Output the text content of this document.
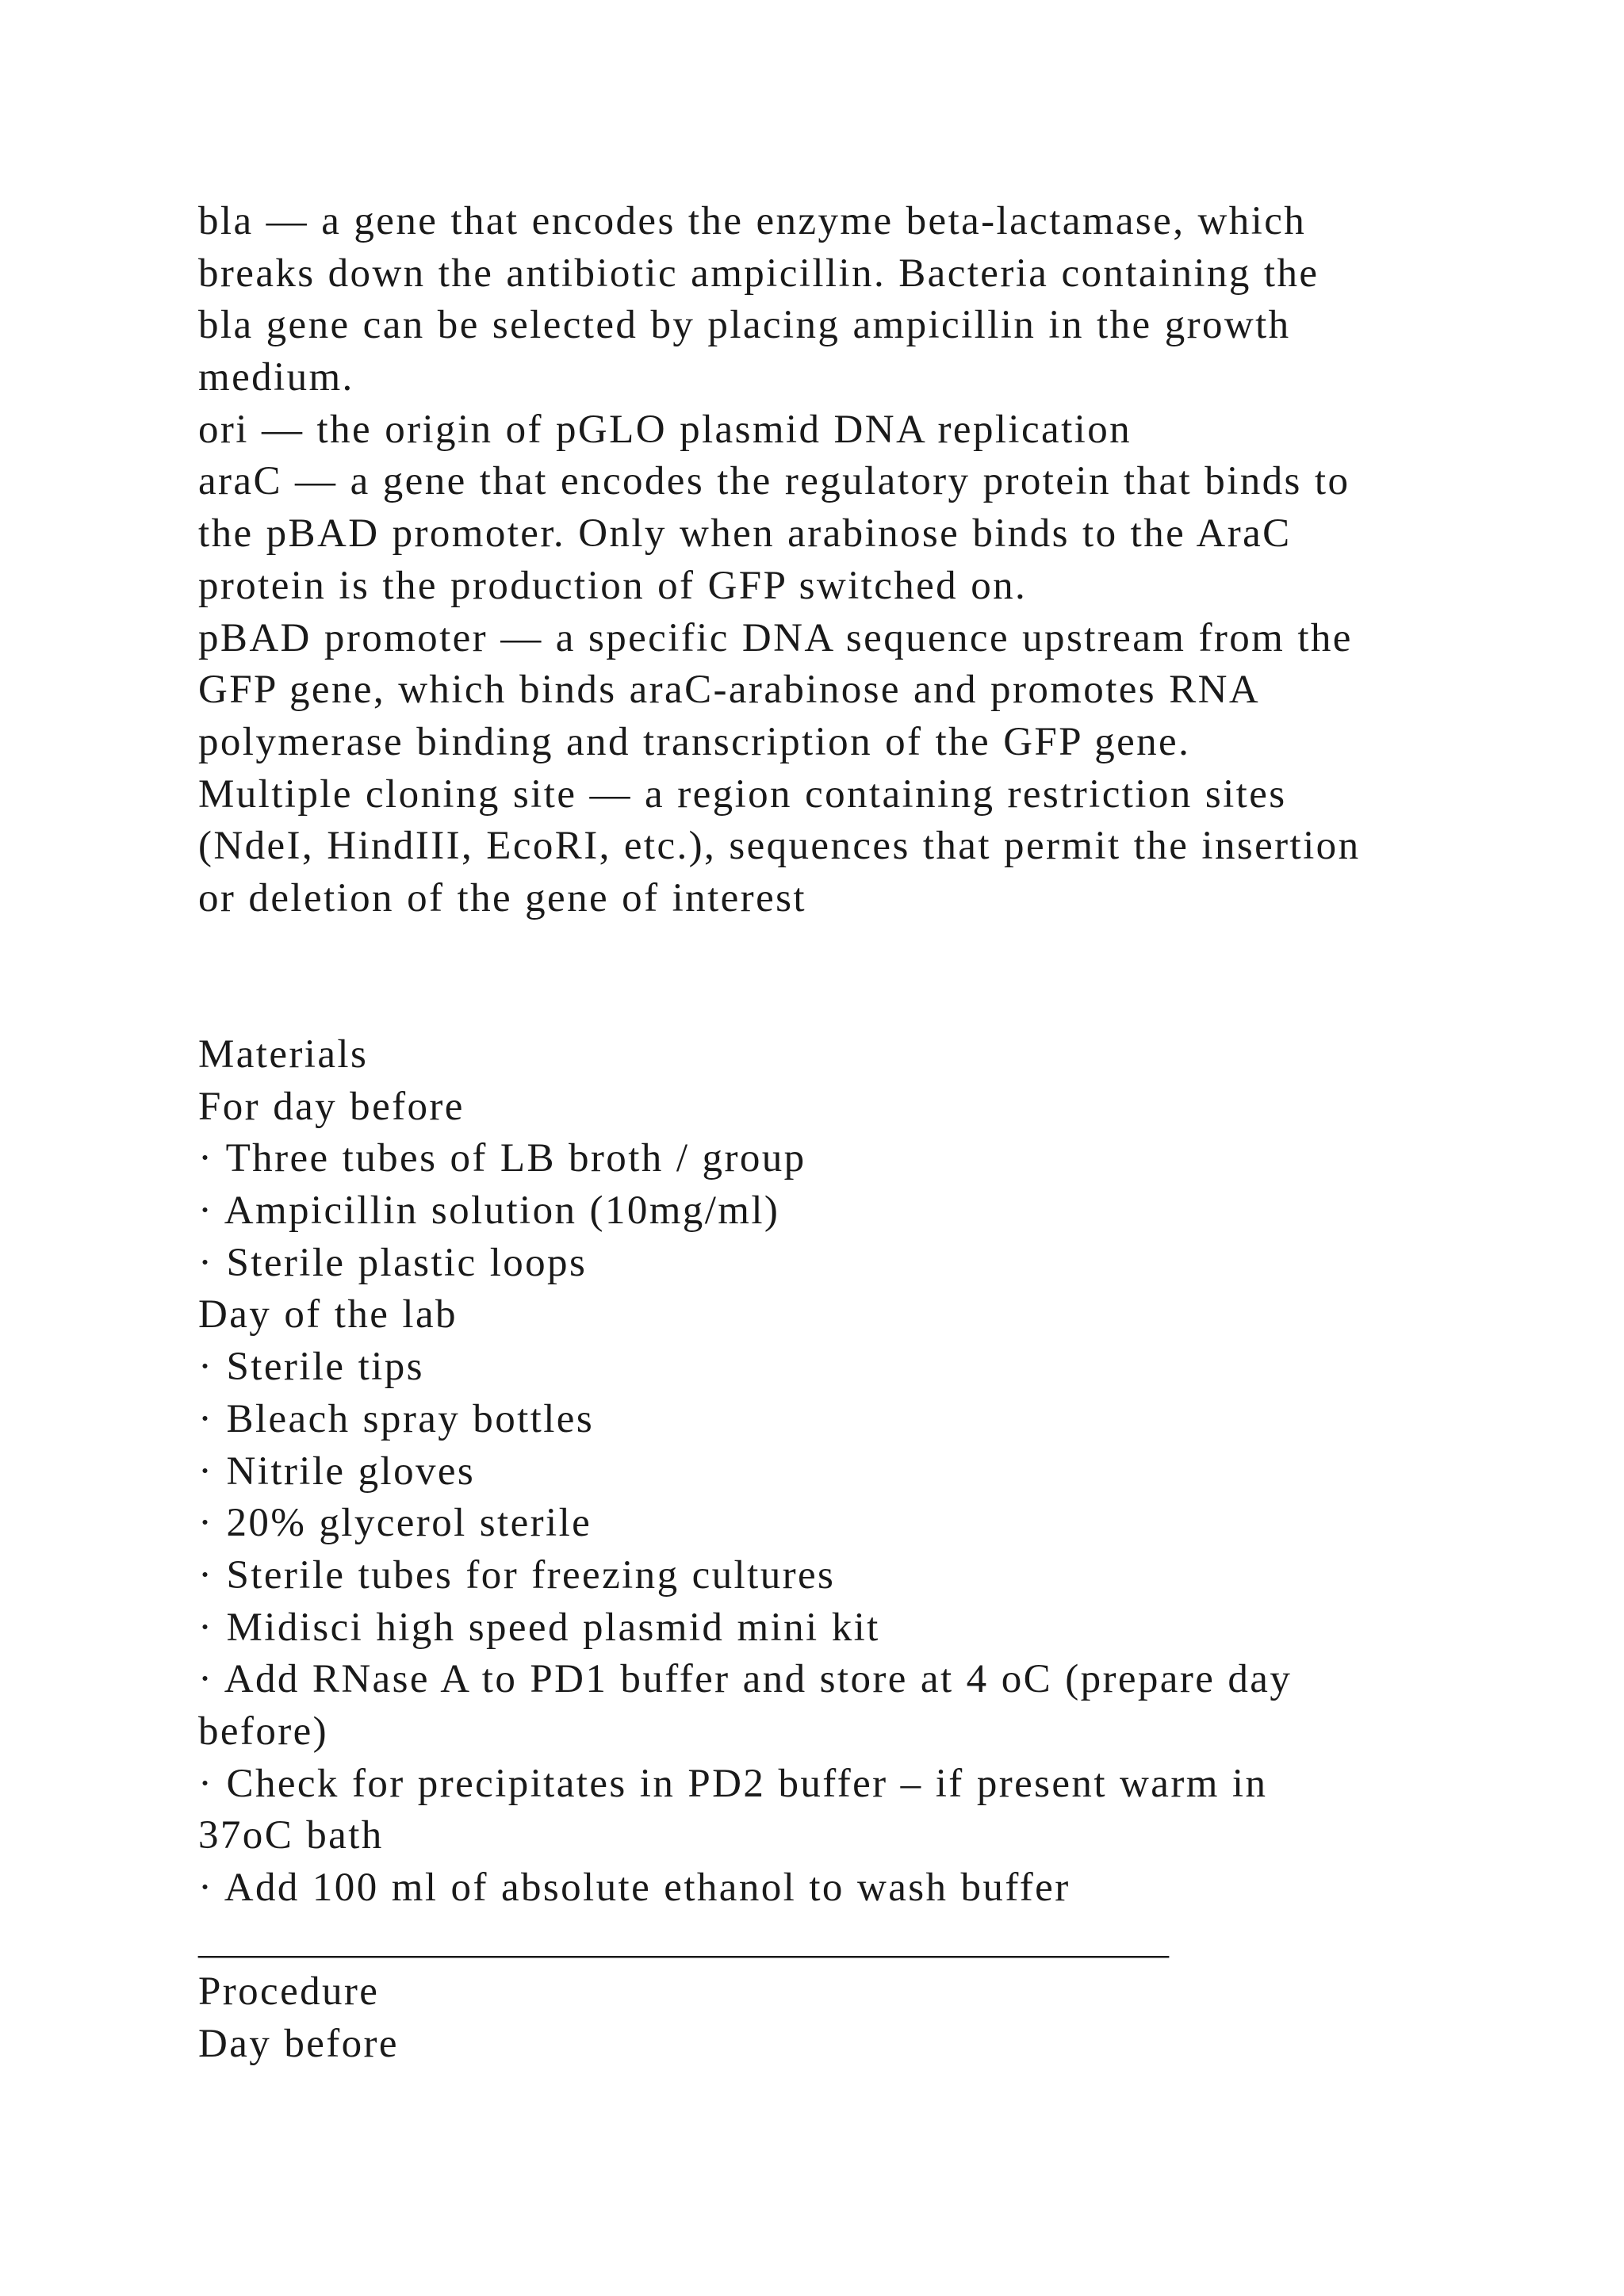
bla — a gene that encodes the enzyme beta-lactamase, which
breaks down the antibiotic ampicillin. Bacteria containing the
bla gene can be selected by placing ampicillin in the growth
medium.
ori — the origin of pGLO plasmid DNA replication
araC — a gene that encodes the regulatory protein that binds to
the pBAD promoter. Only when arabinose binds to the AraC
protein is the production of GFP switched on.
pBAD promoter — a specific DNA sequence upstream from the
GFP gene, which binds araC-arabinose and promotes RNA
polymerase binding and transcription of the GFP gene.
Multiple cloning site — a region containing restriction sites
(NdeI, HindIII, EcoRI, etc.), sequences that permit the insertion
or deletion of the gene of interest
Materials
For day before
· Three tubes of LB broth / group
· Ampicillin solution (10mg/ml)
· Sterile plastic loops
Day of the lab
· Sterile tips
· Bleach spray bottles
· Nitrile gloves
· 20% glycerol sterile
· Sterile tubes for freezing cultures
· Midisci high speed plasmid mini kit
· Add RNase A to PD1 buffer and store at 4 oC (prepare day
before)
· Check for precipitates in PD2 buffer – if present warm in
37oC bath
· Add 100 ml of absolute ethanol to wash buffer
________________________________________________
Procedure
Day before
